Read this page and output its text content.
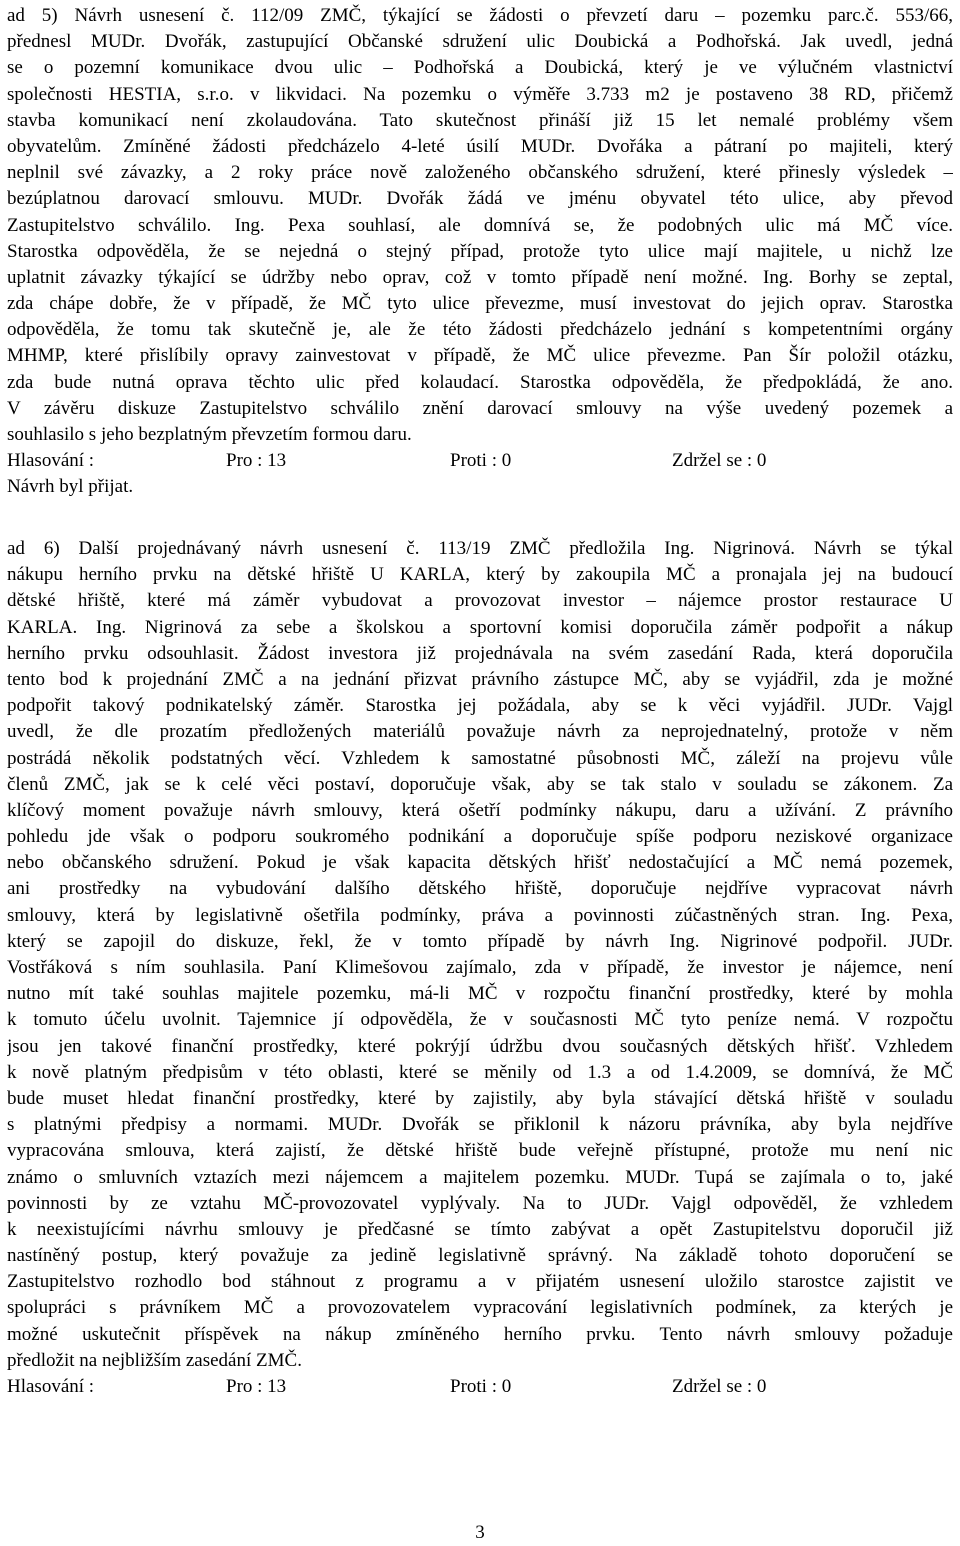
ad 5) Návrh usnesení č. 112/09 ZMČ, týkající se žádosti o převzetí daru – pozemku parc.č. 553/66,
přednesl MUDr. Dvořák, zastupující Občanské sdružení ulic Doubická a Podhořská. Jak uvedl, jedná
se o pozemní komunikace dvou ulic – Podhořská a Doubická, který je ve výlučném vlastnictví
společnosti HESTIA, s.r.o. v likvidaci. Na pozemku o výměře 3.733 m2 je postaveno 38 RD, přičemž
stavba komunikací není zkolaudována. Tato skutečnost přináší již 15 let nemalé problémy všem
obyvatelům. Zmíněné žádosti předcházelo 4-leté úsilí MUDr. Dvořáka a pátraní po majiteli, který
neplnil své závazky, a 2 roky práce nově založeného občanského sdružení, které přinesly výsledek –
bezúplatnou darovací smlouvu. MUDr. Dvořák žádá ve jménu obyvatel této ulice, aby převod
Zastupitelstvo schválilo. Ing. Pexa souhlasí, ale domnívá se, že podobných ulic má MČ více.
Starostka odpověděla, že se nejedná o stejný případ, protože tyto ulice mají majitele, u nichž lze
uplatnit závazky týkající se údržby nebo oprav, což v tomto případě není možné. Ing. Borhy se zeptal,
zda chápe dobře, že v případě, že MČ tyto ulice převezme, musí investovat do jejich oprav. Starostka
odpověděla, že tomu tak skutečně je, ale že této žádosti předcházelo jednání s kompetentními orgány
MHMP, které přislíbily opravy zainvestovat v případě, že MČ ulice převezme. Pan Šír položil otázku,
zda bude nutná oprava těchto ulic před kolaudací. Starostka odpověděla, že předpokládá, že ano.
V závěru diskuze Zastupitelstvo schválilo znění darovací smlouvy na výše uvedený pozemek a
souhlasilo s jeho bezplatným převzetím formou daru.
Hlasování :	Pro : 13	Proti : 0	Zdržel se : 0
Návrh byl přijat.
ad 6) Další projednávaný návrh usnesení č. 113/19 ZMČ předložila Ing. Nigrinová. Návrh se týkal
nákupu herního prvku na dětské hřiště U KARLA, který by zakoupila MČ a pronajala jej na budoucí
dětské hřiště, které má záměr vybudovat a provozovat investor – nájemce prostor restaurace U
KARLA. Ing. Nigrinová za sebe a školskou a sportovní komisi doporučila záměr podpořit a nákup
herního prvku odsouhlasit. Žádost investora již projednávala na svém zasedání Rada, která doporučila
tento bod k projednání ZMČ a na jednání přizvat právního zástupce MČ, aby se vyjádřil, zda je možné
podpořit takový podnikatelský záměr. Starostka jej požádala, aby se k věci vyjádřil. JUDr. Vajgl
uvedl, že dle prozatím předložených materiálů považuje návrh za neprojednatelný, protože v něm
postrádá několik podstatných věcí. Vzhledem k samostatné působnosti MČ, záleží na projevu vůle
členů ZMČ, jak se k celé věci postaví, doporučuje však, aby se tak stalo v souladu se zákonem. Za
klíčový moment považuje návrh smlouvy, která ošetří podmínky nákupu, daru a užívání. Z právního
pohledu jde však o podporu soukromého podnikání a doporučuje spíše podporu neziskové organizace
nebo občanského sdružení. Pokud je však kapacita dětských hřišť nedostačující a MČ nemá pozemek,
ani prostředky na vybudování dalšího dětského hřiště, doporučuje nejdříve vypracovat návrh
smlouvy, která by legislativně ošetřila podmínky, práva a povinnosti zúčastněných stran. Ing. Pexa,
který se zapojil do diskuze, řekl, že v tomto případě by návrh Ing. Nigrinové podpořil. JUDr.
Vostřáková s ním souhlasila. Paní Klimešovou zajímalo, zda v případě, že investor je nájemce, není
nutno mít také souhlas majitele pozemku, má-li MČ v rozpočtu finanční prostředky, které by mohla
k tomuto účelu uvolnit. Tajemnice jí odpověděla, že v současnosti MČ tyto peníze nemá. V rozpočtu
jsou jen takové finanční prostředky, které pokrýjí údržbu dvou současných dětských hřišť. Vzhledem
k nově platným předpisům v této oblasti, které se měnily od 1.3 a od 1.4.2009, se domnívá, že MČ
bude muset hledat finanční prostředky, které by zajistily, aby byla stávající dětská hřiště v souladu
s platnými předpisy a normami. MUDr. Dvořák se přiklonil k názoru právníka, aby byla nejdříve
vypracována smlouva, která zajistí, že dětské hřiště bude veřejně přístupné, protože mu není nic
známo o smluvních vztazích mezi nájemcem a majitelem pozemku. MUDr. Tupá se zajímala o to, jaké
povinnosti by ze vztahu MČ-provozovatel vyplývaly. Na to JUDr. Vajgl odpověděl, že vzhledem
k neexistujícími návrhu smlouvy je předčasné se tímto zabývat a opět Zastupitelstvu doporučil již
nastíněný postup, který považuje za jedině legislativně správný. Na základě tohoto doporučení se
Zastupitelstvo rozhodlo bod stáhnout z programu a v přijatém usnesení uložilo starostce zajistit ve
spolupráci s právníkem MČ a provozovatelem vypracování legislativních podmínek, za kterých je
možné uskutečnit příspěvek na nákup zmíněného herního prvku. Tento návrh smlouvy požaduje
předložit na nejbližším zasedání ZMČ.
Hlasování :	Pro : 13	Proti : 0	Zdržel se : 0
3
